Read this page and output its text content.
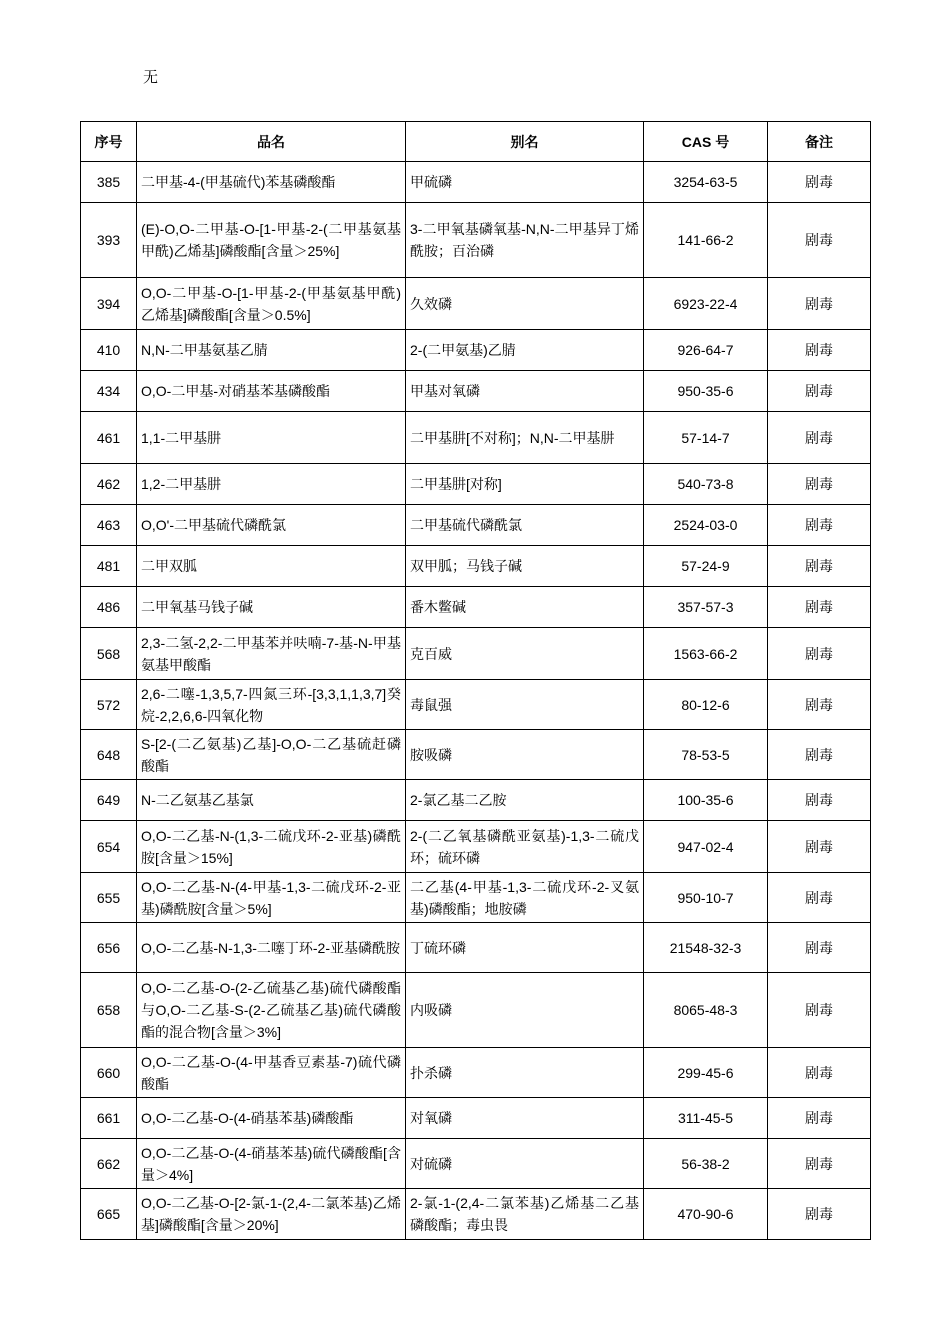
无
序号	品名	别名	CAS 号	备注
385	二甲基-4-(甲基硫代)苯基磷酸酯	甲硫磷	3254-63-5	剧毒
393	(E)-O,O-二甲基-O-[1-甲基-2-(二甲基氨基甲酰)乙烯基]磷酸酯[含量＞25%]	3-二甲氧基磷氧基-N,N-二甲基异丁烯酰胺；百治磷	141-66-2	剧毒
394	O,O-二甲基-O-[1-甲基-2-(甲基氨基甲酰)乙烯基]磷酸酯[含量＞0.5%]	久效磷	6923-22-4	剧毒
410	N,N-二甲基氨基乙腈	2-(二甲氨基)乙腈	926-64-7	剧毒
434	O,O-二甲基-对硝基苯基磷酸酯	甲基对氧磷	950-35-6	剧毒
461	1,1-二甲基肼	二甲基肼[不对称]；N,N-二甲基肼	57-14-7	剧毒
462	1,2-二甲基肼	二甲基肼[对称]	540-73-8	剧毒
463	O,O'-二甲基硫代磷酰氯	二甲基硫代磷酰氯	2524-03-0	剧毒
481	二甲双胍	双甲胍；马钱子碱	57-24-9	剧毒
486	二甲氧基马钱子碱	番木鳖碱	357-57-3	剧毒
568	2,3-二氢-2,2-二甲基苯并呋喃-7-基-N-甲基氨基甲酸酯	克百威	1563-66-2	剧毒
572	2,6-二噻-1,3,5,7-四氮三环-[3,3,1,1,3,7]癸烷-2,2,6,6-四氧化物	毒鼠强	80-12-6	剧毒
648	S-[2-(二乙氨基)乙基]-O,O-二乙基硫赶磷酸酯	胺吸磷	78-53-5	剧毒
649	N-二乙氨基乙基氯	2-氯乙基二乙胺	100-35-6	剧毒
654	O,O-二乙基-N-(1,3-二硫戊环-2-亚基)磷酰胺[含量＞15%]	2-(二乙氧基磷酰亚氨基)-1,3-二硫戊环；硫环磷	947-02-4	剧毒
655	O,O-二乙基-N-(4-甲基-1,3-二硫戊环-2-亚基)磷酰胺[含量＞5%]	二乙基(4-甲基-1,3-二硫戊环-2-叉氨基)磷酸酯；地胺磷	950-10-7	剧毒
656	O,O-二乙基-N-1,3-二噻丁环-2-亚基磷酰胺	丁硫环磷	21548-32-3	剧毒
658	O,O-二乙基-O-(2-乙硫基乙基)硫代磷酸酯与O,O-二乙基-S-(2-乙硫基乙基)硫代磷酸酯的混合物[含量＞3%]	内吸磷	8065-48-3	剧毒
660	O,O-二乙基-O-(4-甲基香豆素基-7)硫代磷酸酯	扑杀磷	299-45-6	剧毒
661	O,O-二乙基-O-(4-硝基苯基)磷酸酯	对氧磷	311-45-5	剧毒
662	O,O-二乙基-O-(4-硝基苯基)硫代磷酸酯[含量＞4%]	对硫磷	56-38-2	剧毒
665	O,O-二乙基-O-[2-氯-1-(2,4-二氯苯基)乙烯基]磷酸酯[含量＞20%]	2-氯-1-(2,4-二氯苯基)乙烯基二乙基磷酸酯；毒虫畏	470-90-6	剧毒
